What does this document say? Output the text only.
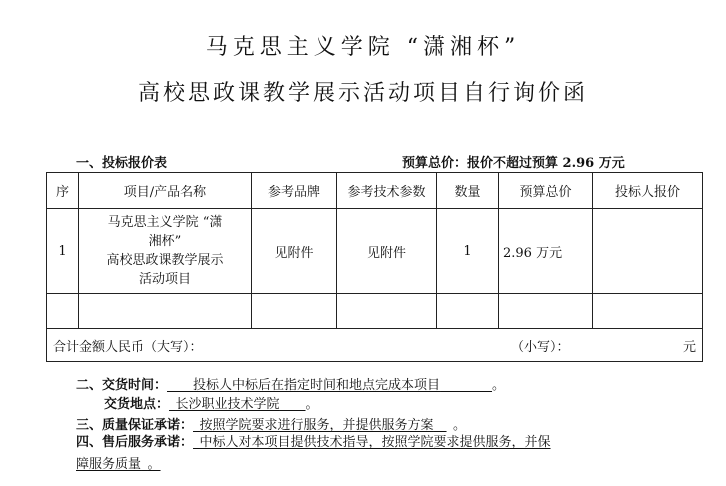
马克思主义学院 “潇湘杯”
高校思政课教学展示活动项目自行询价函
一、投标报价表	预算总价：报价不超过预算 2.96 万元
序	项目/产品名称	参考品牌	参考技术参数	数量	预算总价	投标人报价
1	马克思主义学院 “潇
湘杯”
高校思政课教学展示
活动项目	见附件	见附件	1	2.96 万元	

合计金额人民币（大写）： （小写）： 元						
二、交货时间：   投标人中标后在指定时间和地点完成本项目    	。
交货地点：  长沙职业技术学院   。
三、质量保证承诺：  按照学院要求进行服务，并提供服务方案   。
四、售后服务承诺：  中标人对本项目提供技术指导，按照学院要求提供服务，并保
障服务质量  。
